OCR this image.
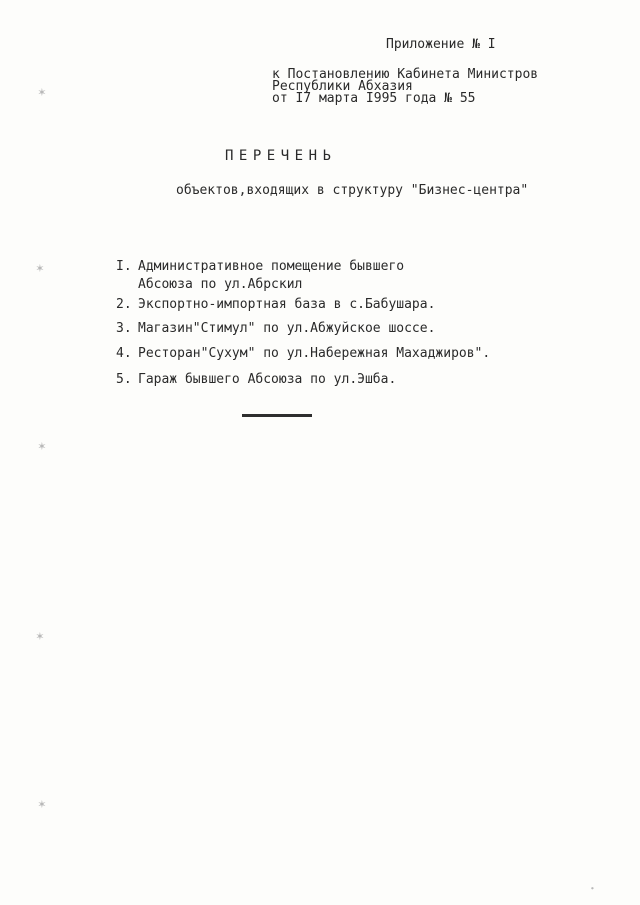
Приложение № I
к Постановлению Кабинета Министров
Республики Абхазия
от I7 марта I995 года № 55
ПЕРЕЧЕНЬ
объектов,входящих в структуру "Бизнес-центра"
I. Административное помещение бывшего
Абсоюза по ул.Абрскил
2. Экспортно-импортная база в с.Бабушара.
3. Магазин"Стимул" по ул.Абжуйское шоссе.
4. Ресторан"Сухум" по ул.Набережная Махаджиров".
5. Гараж бывшего Абсоюза по ул.Эшба.
✶
✶
✶
✶
✶
∙
